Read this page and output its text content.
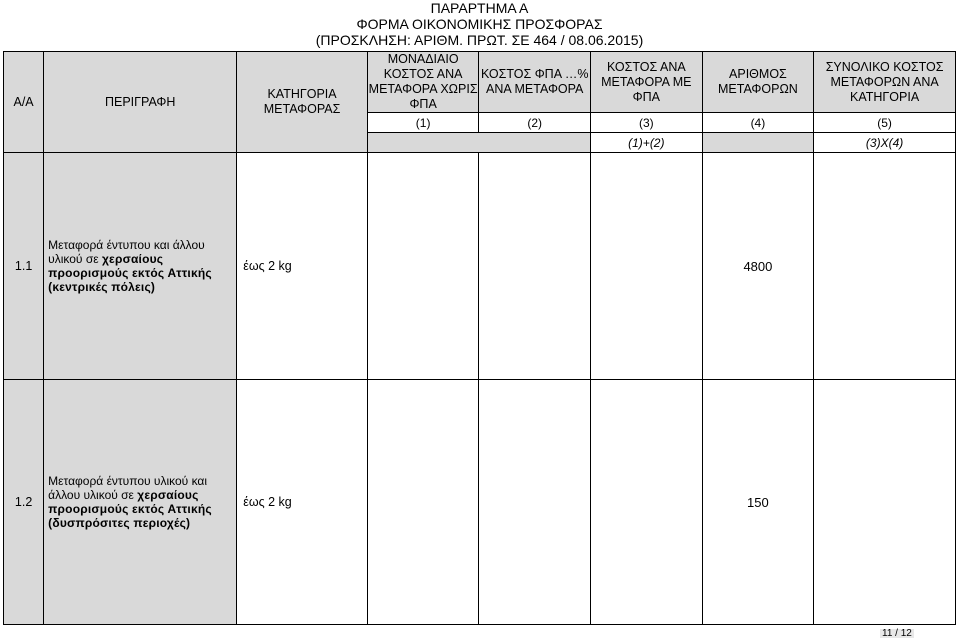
ΠΑΡΑΡΤΗΜΑ Α
ΦΟΡΜΑ ΟΙΚΟΝΟΜΙΚΗΣ ΠΡΟΣΦΟΡΑΣ
(ΠΡΟΣΚΛΗΣΗ: ΑΡΙΘΜ. ΠΡΩΤ. ΣΕ 464 / 08.06.2015)
Α/Α	ΠΕΡΙΓΡΑΦΗ	ΚΑΤΗΓΟΡΙΑ ΜΕΤΑΦΟΡΑΣ	ΜΟΝΑΔΙΑΙΟ ΚΟΣΤΟΣ ΑΝΑ ΜΕΤΑΦΟΡΑ ΧΩΡΙΣ ΦΠΑ	ΚΟΣΤΟΣ ΦΠΑ …% ΑΝΑ ΜΕΤΑΦΟΡΑ	ΚΟΣΤΟΣ ΑΝΑ ΜΕΤΑΦΟΡΑ ΜΕ ΦΠΑ	ΑΡΙΘΜΟΣ ΜΕΤΑΦΟΡΩΝ	ΣΥΝΟΛΙΚΟ ΚΟΣΤΟΣ ΜΕΤΑΦΟΡΩΝ ΑΝΑ ΚΑΤΗΓΟΡΙΑ
			(1)	(2)	(3)	(4)	(5)
					(1)+(2)		(3)Χ(4)
1.1	Μεταφορά έντυπου και άλλου υλικού σε χερσαίους προορισμούς εκτός Αττικής (κεντρικές πόλεις)	έως 2 kg				4800	
1.2	Μεταφορά έντυπου υλικού και άλλου υλικού σε χερσαίους προορισμούς εκτός Αττικής (δυσπρόσιτες περιοχές)	έως 2 kg				150	
11 / 12
